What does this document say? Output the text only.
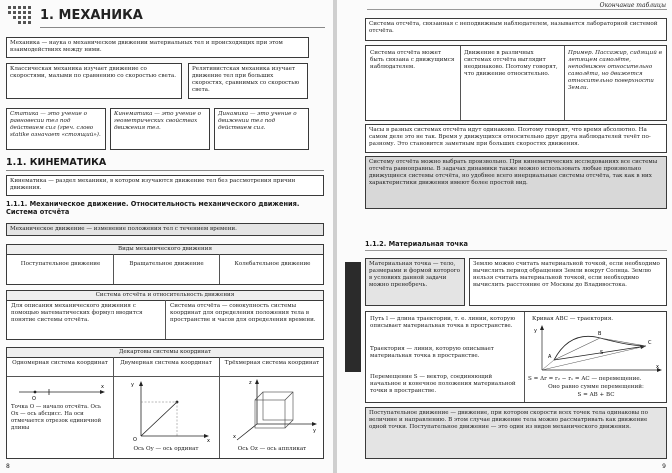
1. МЕХАНИКА
Механика — наука о механическом движении материальных тел и происходящих при этом взаимодействиях между ними.
Классическая механика изучает движение со скоростями, малыми по сравнению со скоростью света.
Релятивистская механика изучает движение тел при больших скоростях, сравнимых со скоростью света.
Статика — это учение о равновесии тел под действием сил (греч. слово statike означает «стоящий»).
Кинематика — это учение о геометрических свойствах движения тел.
Динамика — это учение о движении тел под действием сил.
1.1. КИНЕМАТИКА
Кинематика — раздел механики, в котором изучаются движение тел без рассмотрения причин движения.
1.1.1. Механическое движение. Относительность механического движения. Система отсчёта
Механическое движение — изменение положения тел с течением времени.
Виды механического движения
Поступательное движение	Вращательное движение	Колебательное движение
Система отсчёта и относительность движения
Для описания механического движения с помощью математических формул вводится понятие системы отсчёта.
Система отсчёта — совокупность системы координат для определения положения тела в пространстве и часов для определения времени.
Декартовы системы координат
Одномерная система координат	Двумерная система координат	Трёхмерная система координат
Точка O — начало отсчёта. Ось Ox — ось абсцисс. На оси отмечается отрезок единичной длины
y
x
O
Ось Oy — ось ординат
z
y
x
Ось Oz — ось аппликат
O
x
8
Окончание таблицы
Система отсчёта, связанная с неподвижным наблюдателем, называется лабораторной системой отсчёта.
Система отсчёта может быть связана с движущимся наблюдателем.
Движение в различных системах отсчёта выглядит неодинаково. Поэтому говорят, что движение относительно.
Пример. Пассажир, сидящий в летящем самолёте, неподвижен относительно самолёта, но движется относительно поверхности Земли.
Часы в разных системах отсчёта идут одинаково. Поэтому говорят, что время абсолютно. На самом деле это не так. Время у движущихся относительно друг друга наблюдателей течёт по-разному. Это становится заметным при больших скоростях движения.
Систему отсчёта можно выбрать произвольно. При кинематических исследованиях все системы отсчёта равноправны. В задачах динамики также можно использовать любые произвольно движущиеся системы отсчёта, но удобнее всего инерциальные системы отсчёта, так как в них характеристики движения имеют более простой вид.
1.1.2. Материальная точка
Материальная точка — тело, размерами и формой которого в условиях данной задачи можно пренебречь.
Землю можно считать материальной точкой, если необходимо вычислить период обращения Земли вокруг Солнца. Землю нельзя считать материальной точкой, если необходимо вычислить расстояние от Москвы до Владивостока.
Путь l — длина траектории, т. е. линии, которую описывает материальная точка в пространстве.
Траектория — линия, которую описывает материальная точка в пространстве.
Перемещение S — вектор, соединяющий начальное и конечное положения материальной точки в пространстве.
Кривая ABC — траектория.
A
B
C
S
y
x
S = Δr = r₂ − r₁ = AC — перемещение.
Оно равно сумме перемещений:
S = AB + BC
Поступательное движение — движение, при котором скорости всех точек тела одинаковы по величине и направлению. В этом случае движение тела можно рассматривать как движение одной точки. Поступательное движение — это один из видов механического движения.
9
